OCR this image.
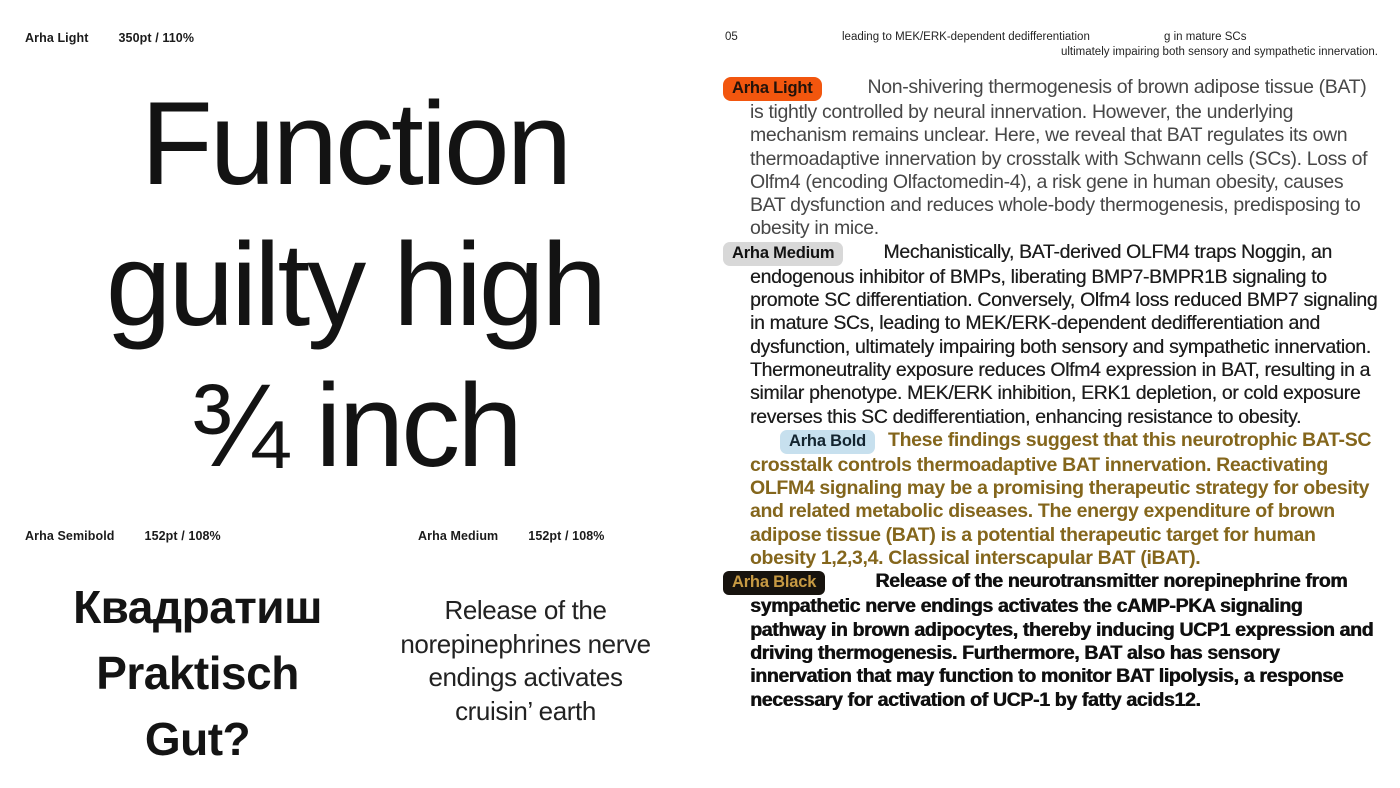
Arha Light 350pt / 110%
Function
guilty high
¾ inch
Arha Semibold 152pt / 108%	Arha Medium 152pt / 108%
Квадратиш
Praktisch
Gut?
Release of the norepinephrines nerve endings activates cruisin’ earth
05	leading to MEK/ERK-dependent dedifferentiation	g in mature SCs
ultimately impairing both sensory and sympathetic innervation.

Arha Light	Non-shivering thermogenesis of brown adipose tissue (BAT) is tightly controlled by neural innervation. However, the underlying mechanism remains unclear. Here, we reveal that BAT regulates its own thermoadaptive innervation by crosstalk with Schwann cells (SCs). Loss of Olfm4 (encoding Olfactomedin-4), a risk gene in human obesity, causes BAT dysfunction and reduces whole-body thermogenesis, predisposing to obesity in mice.

Arha Medium	Mechanistically, BAT-derived OLFM4 traps Noggin, an endogenous inhibitor of BMPs, liberating BMP7-BMPR1B signaling to promote SC differentiation. Conversely, Olfm4 loss reduced BMP7 signaling in mature SCs, leading to MEK/ERK-dependent dedifferentiation and dysfunction, ultimately impairing both sensory and sympathetic innervation. Thermoneutrality exposure reduces Olfm4 expression in BAT, resulting in a similar phenotype. MEK/ERK inhibition, ERK1 depletion, or cold exposure reverses this SC dedifferentiation, enhancing resistance to obesity.

Arha Bold These findings suggest that this neurotrophic BAT-SC crosstalk controls thermoadaptive BAT innervation. Reactivating OLFM4 signaling may be a promising therapeutic strategy for obesity and related metabolic diseases. The energy expenditure of brown adipose tissue (BAT) is a potential therapeutic target for human obesity 1,2,3,4. Classical interscapular BAT (iBAT).

Arha Black	Release of the neurotransmitter norepinephrine from sympathetic nerve endings activates the cAMP-PKA signaling pathway in brown adipocytes, thereby inducing UCP1 expression and driving thermogenesis. Furthermore, BAT also has sensory innervation that may function to monitor BAT lipolysis, a response necessary for activation of UCP-1 by fatty acids12.
